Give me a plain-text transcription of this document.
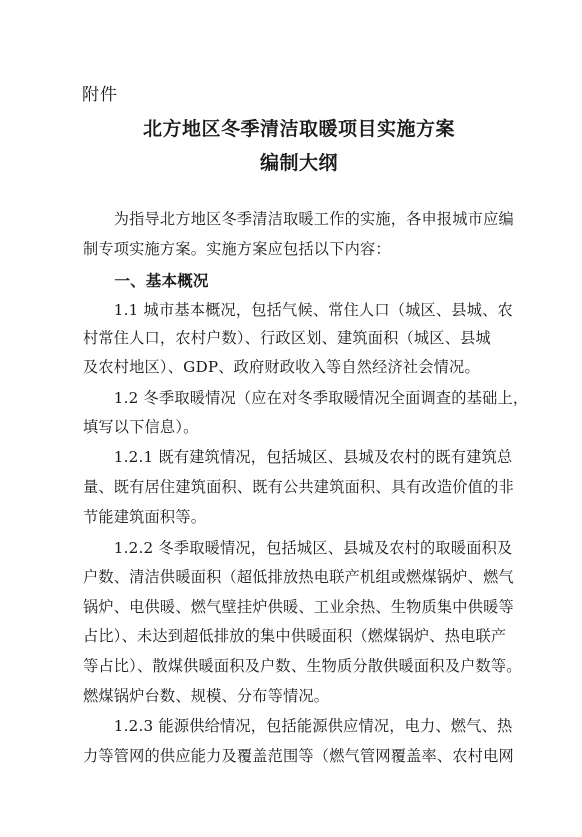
附件
北方地区冬季清洁取暖项目实施方案
编制大纲
　　为指导北方地区冬季清洁取暖工作的实施，各申报城市应编
制专项实施方案。实施方案应包括以下内容：
　　一、基本概况
　　1.1 城市基本概况，包括气候、常住人口（城区、县城、农
村常住人口，农村户数）、行政区划、建筑面积（城区、县城
及农村地区）、GDP、政府财政收入等自然经济社会情况。
　　1.2 冬季取暖情况（应在对冬季取暖情况全面调查的基础上，
填写以下信息）。
　　1.2.1 既有建筑情况，包括城区、县城及农村的既有建筑总
量、既有居住建筑面积、既有公共建筑面积、具有改造价值的非
节能建筑面积等。
　　1.2.2 冬季取暖情况，包括城区、县城及农村的取暖面积及
户数、清洁供暖面积（超低排放热电联产机组或燃煤锅炉、燃气
锅炉、电供暖、燃气壁挂炉供暖、工业余热、生物质集中供暖等
占比）、未达到超低排放的集中供暖面积（燃煤锅炉、热电联产
等占比）、散煤供暖面积及户数、生物质分散供暖面积及户数等。
燃煤锅炉台数、规模、分布等情况。
　　1.2.3 能源供给情况，包括能源供应情况，电力、燃气、热
力等管网的供应能力及覆盖范围等（燃气管网覆盖率、农村电网
